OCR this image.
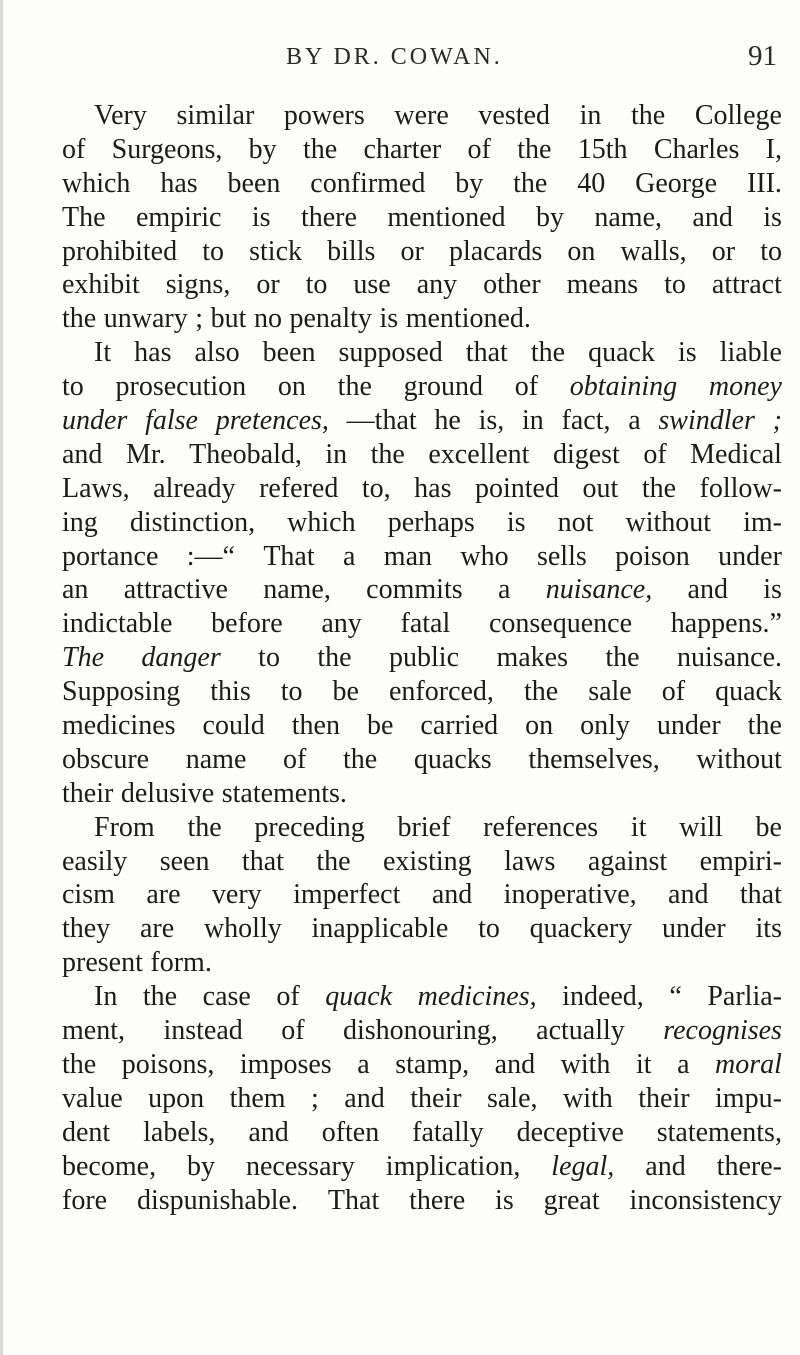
BY DR. COWAN.	91
Very similar powers were vested in the College
of Surgeons, by the charter of the 15th Charles I,
which has been confirmed by the 40 George III.
The empiric is there mentioned by name, and is
prohibited to stick bills or placards on walls, or to
exhibit signs, or to use any other means to attract
the unwary ; but no penalty is mentioned.
It has also been supposed that the quack is liable
to prosecution on the ground of obtaining money
under false pretences, —that he is, in fact, a swindler ;
and Mr. Theobald, in the excellent digest of Medical
Laws, already refered to, has pointed out the follow-
ing distinction, which perhaps is not without im-
portance :—“ That a man who sells poison under
an attractive name, commits a nuisance, and is
indictable before any fatal consequence happens.”
The danger to the public makes the nuisance.
Supposing this to be enforced, the sale of quack
medicines could then be carried on only under the
obscure name of the quacks themselves, without
their delusive statements.
From the preceding brief references it will be
easily seen that the existing laws against empiri-
cism are very imperfect and inoperative, and that
they are wholly inapplicable to quackery under its
present form.
In the case of quack medicines, indeed, “ Parlia-
ment, instead of dishonouring, actually recognises
the poisons, imposes a stamp, and with it a moral
value upon them ; and their sale, with their impu-
dent labels, and often fatally deceptive statements,
become, by necessary implication, legal, and there-
fore dispunishable. That there is great inconsistency
